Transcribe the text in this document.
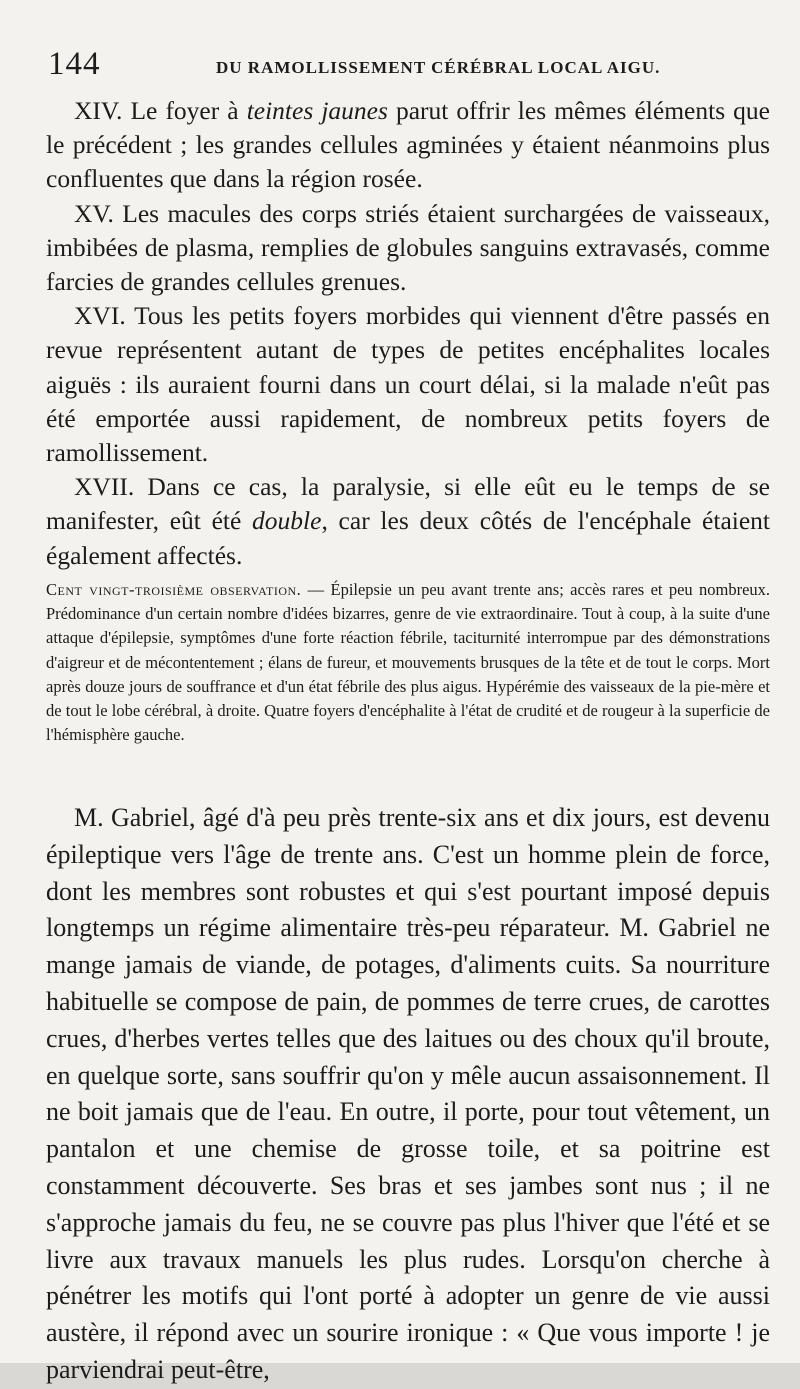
144	DU RAMOLLISSEMENT CÉRÉBRAL LOCAL AIGU.

XIV. Le foyer à teintes jaunes parut offrir les mêmes éléments que le précédent ; les grandes cellules agminées y étaient néanmoins plus confluentes que dans la région rosée.

XV. Les macules des corps striés étaient surchargées de vaisseaux, imbibées de plasma, remplies de globules sanguins extravasés, comme farcies de grandes cellules grenues.

XVI. Tous les petits foyers morbides qui viennent d'être passés en revue représentent autant de types de petites encéphalites locales aiguës : ils auraient fourni dans un court délai, si la malade n'eût pas été emportée aussi rapidement, de nombreux petits foyers de ramollissement.

XVII. Dans ce cas, la paralysie, si elle eût eu le temps de se manifester, eût été double, car les deux côtés de l'encéphale étaient également affectés.

Cent vingt-troisième observation. — Épilepsie un peu avant trente ans; accès rares et peu nombreux. Prédominance d'un certain nombre d'idées bizarres, genre de vie extraordinaire. Tout à coup, à la suite d'une attaque d'épilepsie, symptômes d'une forte réaction fébrile, taciturnité interrompue par des démonstrations d'aigreur et de mécontentement ; élans de fureur, et mouvements brusques de la tête et de tout le corps. Mort après douze jours de souffrance et d'un état fébrile des plus aigus. Hypérémie des vaisseaux de la pie-mère et de tout le lobe cérébral, à droite. Quatre foyers d'encéphalite à l'état de crudité et de rougeur à la superficie de l'hémisphère gauche.

M. Gabriel, âgé d'à peu près trente-six ans et dix jours, est devenu épileptique vers l'âge de trente ans. C'est un homme plein de force, dont les membres sont robustes et qui s'est pourtant imposé depuis longtemps un régime alimentaire très-peu réparateur. M. Gabriel ne mange jamais de viande, de potages, d'aliments cuits. Sa nourriture habituelle se compose de pain, de pommes de terre crues, de carottes crues, d'herbes vertes telles que des laitues ou des choux qu'il broute, en quelque sorte, sans souffrir qu'on y mêle aucun assaisonnement. Il ne boit jamais que de l'eau. En outre, il porte, pour tout vêtement, un pantalon et une chemise de grosse toile, et sa poitrine est constamment découverte. Ses bras et ses jambes sont nus ; il ne s'approche jamais du feu, ne se couvre pas plus l'hiver que l'été et se livre aux travaux manuels les plus rudes. Lorsqu'on cherche à pénétrer les motifs qui l'ont porté à adopter un genre de vie aussi austère, il répond avec un sourire ironique : « Que vous importe ! je parviendrai peut-être,
